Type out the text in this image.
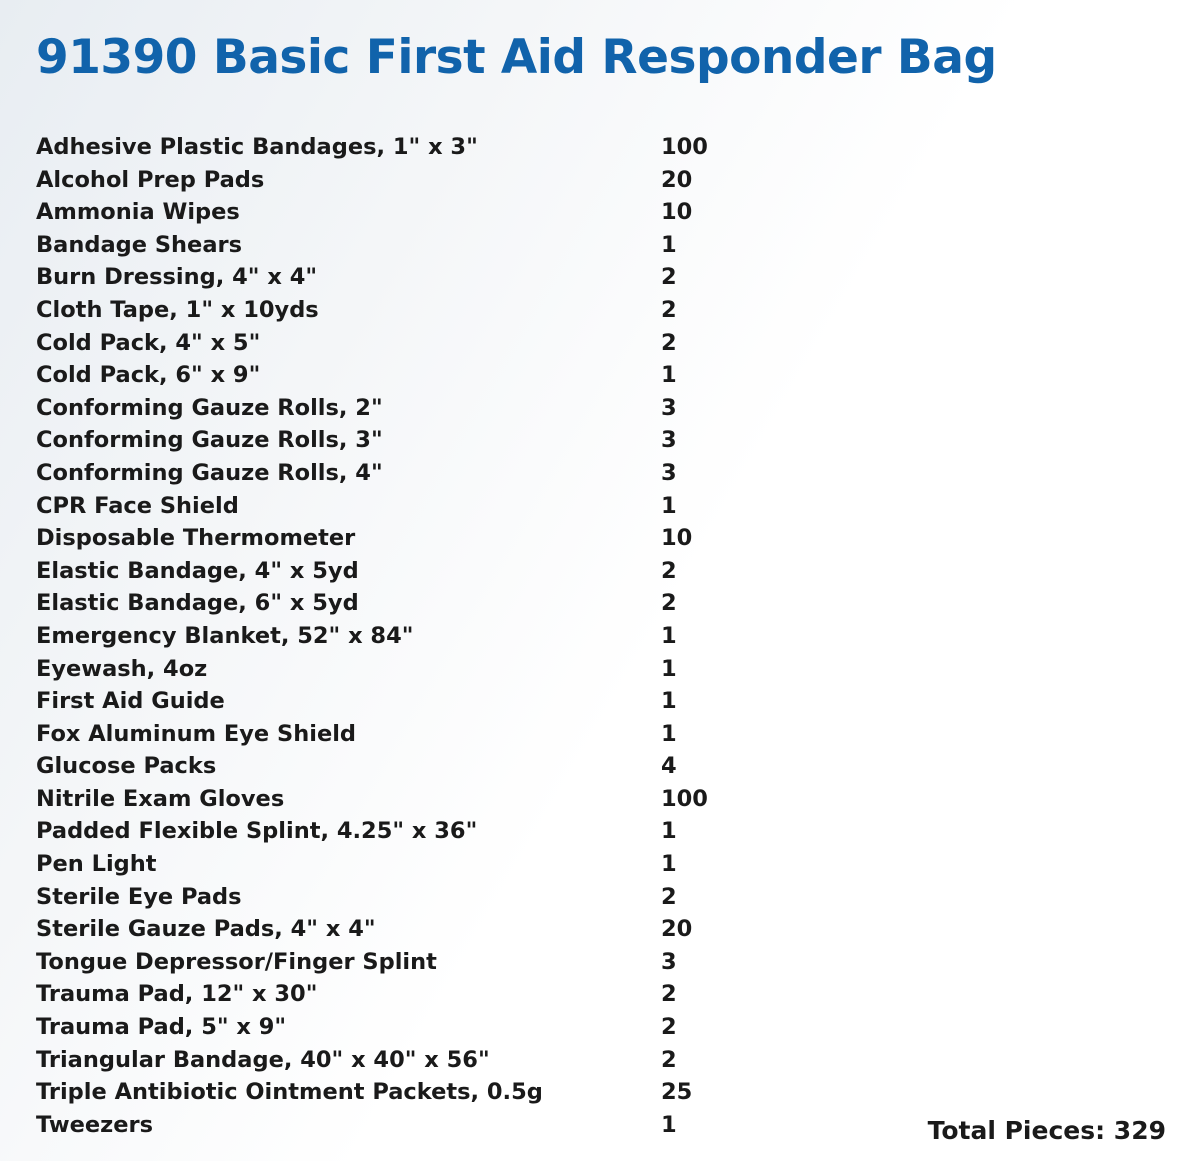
91390 Basic First Aid Responder Bag
Adhesive Plastic Bandages, 1" x 3"	100
Alcohol Prep Pads	20
Ammonia Wipes	10
Bandage Shears	1
Burn Dressing, 4" x 4"	2
Cloth Tape, 1" x 10yds	2
Cold Pack, 4" x 5"	2
Cold Pack, 6" x 9"	1
Conforming Gauze Rolls, 2"	3
Conforming Gauze Rolls, 3"	3
Conforming Gauze Rolls, 4"	3
CPR Face Shield	1
Disposable Thermometer	10
Elastic Bandage, 4" x 5yd	2
Elastic Bandage, 6" x 5yd	2
Emergency Blanket, 52" x 84"	1
Eyewash, 4oz	1
First Aid Guide	1
Fox Aluminum Eye Shield	1
Glucose Packs	4
Nitrile Exam Gloves	100
Padded Flexible Splint, 4.25" x 36"	1
Pen Light	1
Sterile Eye Pads	2
Sterile Gauze Pads, 4" x 4"	20
Tongue Depressor/Finger Splint	3
Trauma Pad, 12" x 30"	2
Trauma Pad, 5" x 9"	2
Triangular Bandage, 40" x 40" x 56"	2
Triple Antibiotic Ointment Packets, 0.5g	25
Tweezers	1	Total Pieces: 329
